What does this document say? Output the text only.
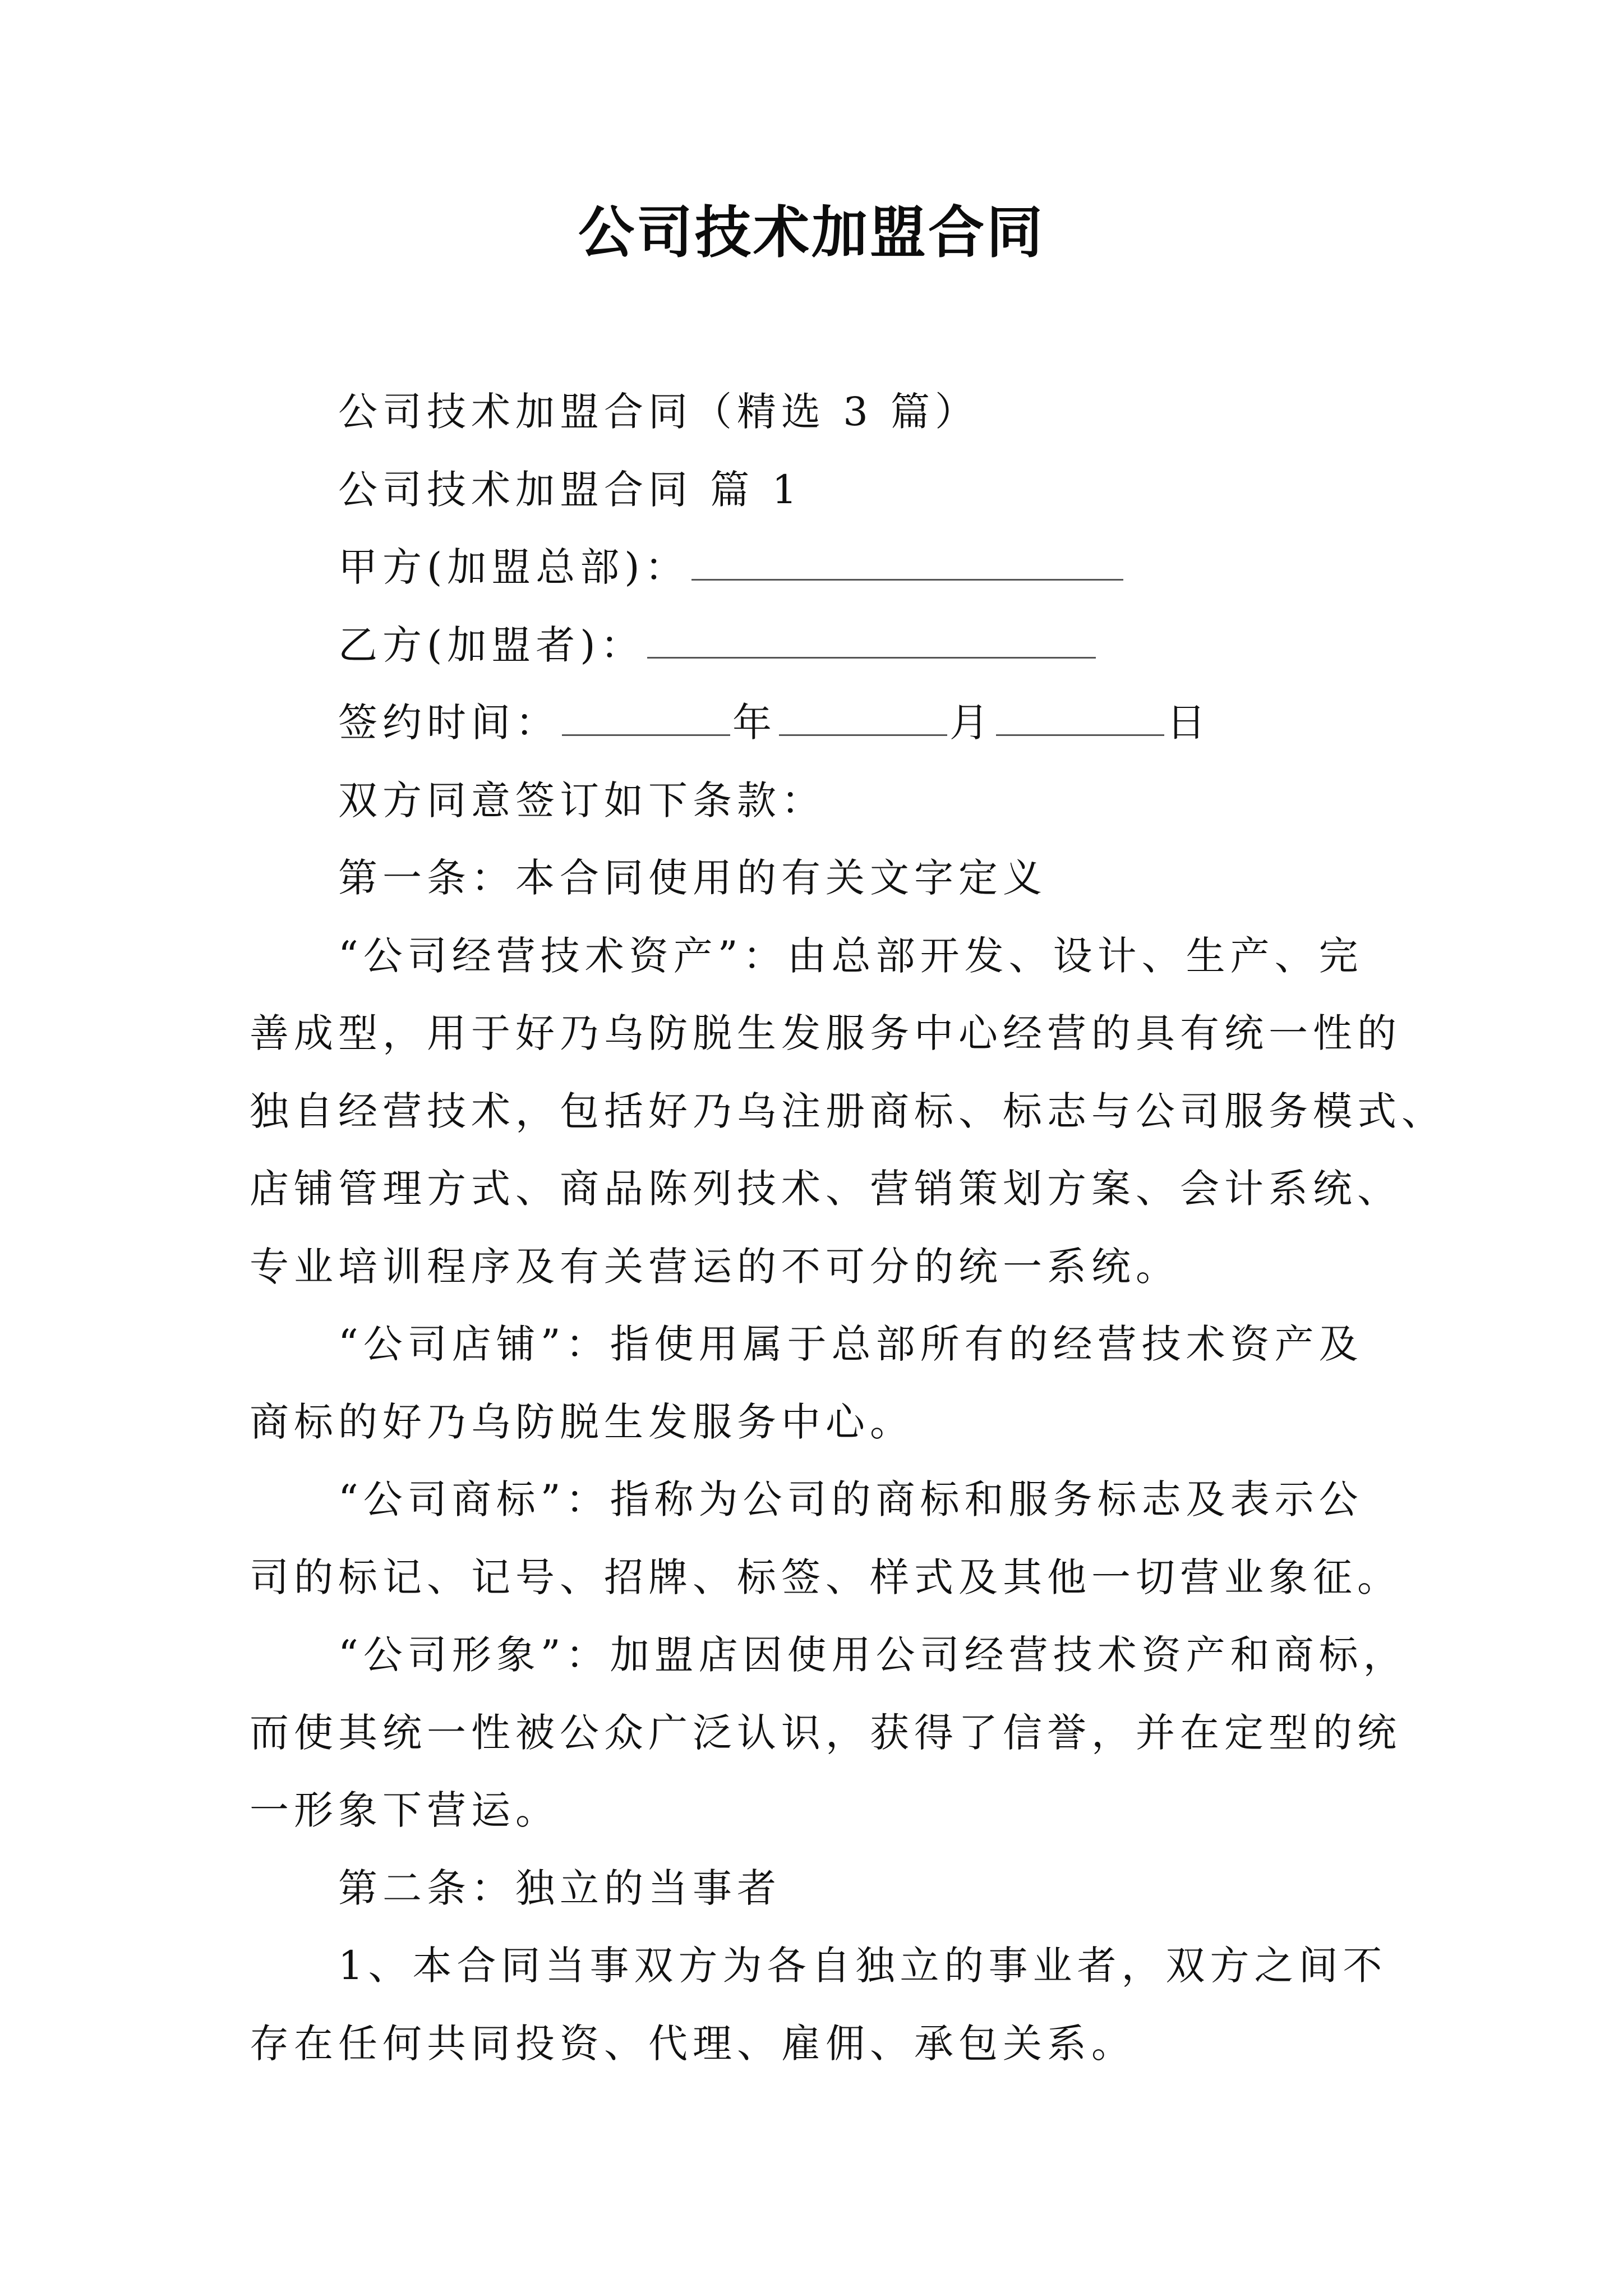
公司技术加盟合同
公司技术加盟合同（精选 3 篇）
公司技术加盟合同 篇 1
甲方(加盟总部)：
乙方(加盟者)：
签约时间：	年	月	日
双方同意签订如下条款：
第一条：本合同使用的有关文字定义
“公司经营技术资产”：由总部开发、设计、生产、完
善成型，用于好乃乌防脱生发服务中心经营的具有统一性的
独自经营技术，包括好乃乌注册商标、标志与公司服务模式、
店铺管理方式、商品陈列技术、营销策划方案、会计系统、
专业培训程序及有关营运的不可分的统一系统。
“公司店铺”：指使用属于总部所有的经营技术资产及
商标的好乃乌防脱生发服务中心。
“公司商标”：指称为公司的商标和服务标志及表示公
司的标记、记号、招牌、标签、样式及其他一切营业象征。
“公司形象”：加盟店因使用公司经营技术资产和商标，
而使其统一性被公众广泛认识，获得了信誉，并在定型的统
一形象下营运。
第二条：独立的当事者
1、本合同当事双方为各自独立的事业者，双方之间不
存在任何共同投资、代理、雇佣、承包关系。
